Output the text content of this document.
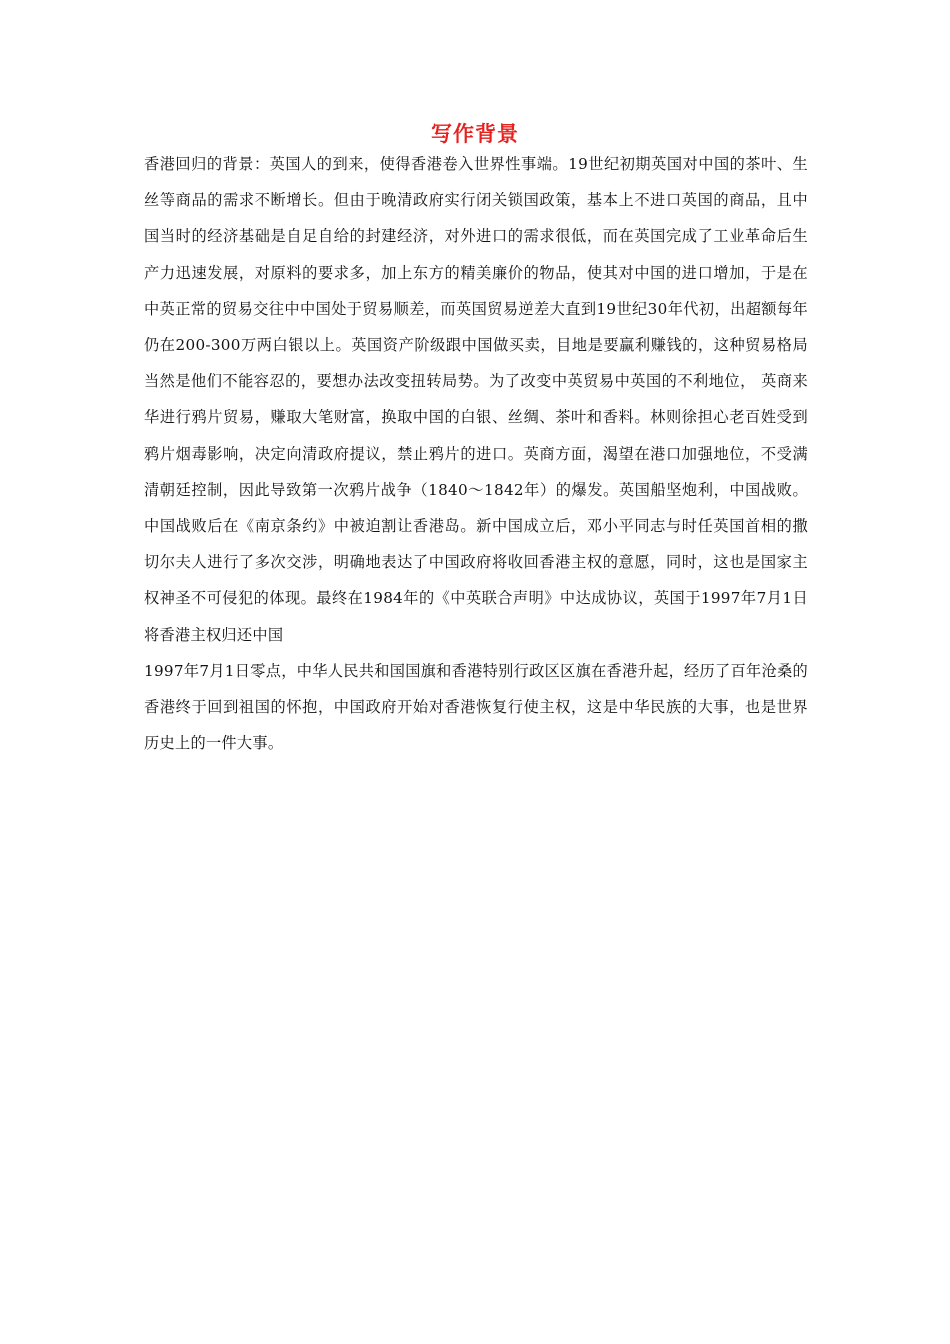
写作背景

香港回归的背景：英国人的到来，使得香港卷入世界性事端。19世纪初期英国对中国的茶叶、生丝等商品的需求不断增长。但由于晚清政府实行闭关锁国政策，基本上不进口英国的商品，且中国当时的经济基础是自足自给的封建经济，对外进口的需求很低，而在英国完成了工业革命后生产力迅速发展，对原料的要求多，加上东方的精美廉价的物品，使其对中国的进口增加，于是在中英正常的贸易交往中中国处于贸易顺差，而英国贸易逆差大直到19世纪30年代初，出超额每年仍在200-300万两白银以上。英国资产阶级跟中国做买卖，目地是要赢利赚钱的，这种贸易格局当然是他们不能容忍的，要想办法改变扭转局势。为了改变中英贸易中英国的不利地位， 英商来华进行鸦片贸易，赚取大笔财富，换取中国的白银、丝绸、茶叶和香料。林则徐担心老百姓受到鸦片烟毒影响，决定向清政府提议，禁止鸦片的进口。英商方面，渴望在港口加强地位，不受满清朝廷控制，因此导致第一次鸦片战争（1840～1842年）的爆发。英国船坚炮利，中国战败。中国战败后在《南京条约》中被迫割让香港岛。新中国成立后，邓小平同志与时任英国首相的撒切尔夫人进行了多次交涉，明确地表达了中国政府将收回香港主权的意愿，同时，这也是国家主权神圣不可侵犯的体现。最终在1984年的《中英联合声明》中达成协议，英国于1997年7月1日将香港主权归还中国

1997年7月1日零点，中华人民共和国国旗和香港特别行政区区旗在香港升起，经历了百年沧桑的香港终于回到祖国的怀抱，中国政府开始对香港恢复行使主权，这是中华民族的大事，也是世界历史上的一件大事。
